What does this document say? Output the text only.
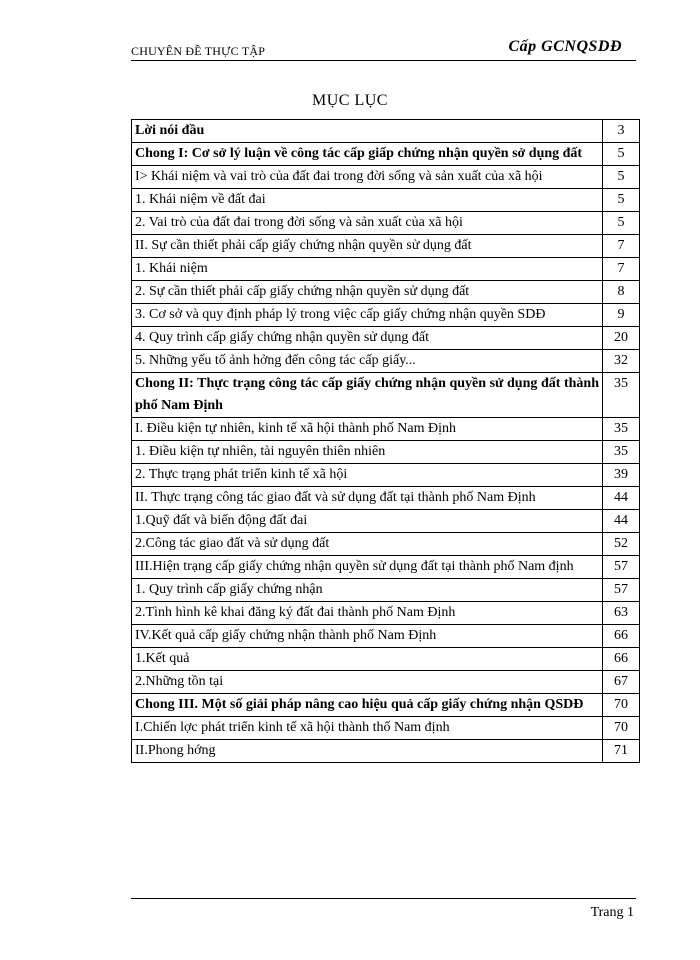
CHUYÊN ĐỀ THỰC TẬP	Cấp GCNQSDĐ
MỤC LỤC
Lời nói đầu	3
Chong I: Cơ sở lý luận về công tác cấp giấp chứng nhận quyền sở dụng đất	5
I> Khái niệm và vai trò của đất đai trong đời sống và sản xuất của xã hội	5
1. Khái niệm về đất đai	5
2. Vai trò của đất đai trong đời sống và sản xuất của xã hội	5
II. Sự cần thiết phải cấp giấy chứng nhận quyền sử dụng đất	7
1. Khái niệm	7
2. Sự cần thiết phải cấp giấy chứng nhận quyền sử dụng đất	8
3. Cơ sở và quy định pháp lý trong việc cấp giấy chứng nhận quyền SDĐ	9
4. Quy trình cấp giấy chứng nhận quyền sử dụng đất	20
5. Những yếu tố ảnh hởng đến công tác cấp giấy...	32
Chong II: Thực trạng công tác cấp giấy chứng nhận quyền sử dụng đất thành phố Nam Định	35
I. Điều kiện tự nhiên, kinh tế xã hội thành phố Nam Định	35
1. Điều kiện tự nhiên, tài nguyên thiên nhiên	35
2. Thực trạng phát triển kinh tế xã hội	39
II. Thực trạng công tác giao đất và sử dụng đất tại thành phố Nam Định	44
1.Quỹ đất và biến động đất đai	44
2.Công tác giao đất và sử dụng đất	52
III.Hiện trạng cấp giấy chứng nhận quyền sử dụng đất tại thành phố Nam định	57
1. Quy trình cấp giấy chứng nhận	57
2.Tình hình kê khai đăng ký đất đai thành phố Nam Định	63
IV.Kết quả cấp giấy chứng nhận thành phố Nam Định	66
1.Kết quả	66
2.Những tồn tại	67
Chong III. Một số giải pháp nâng cao hiệu quả cấp giấy chứng nhận QSDĐ	70
I.Chiến lợc phát triển kinh tế xã hội thành thố Nam định	70
II.Phong hớng	71
Trang 1
